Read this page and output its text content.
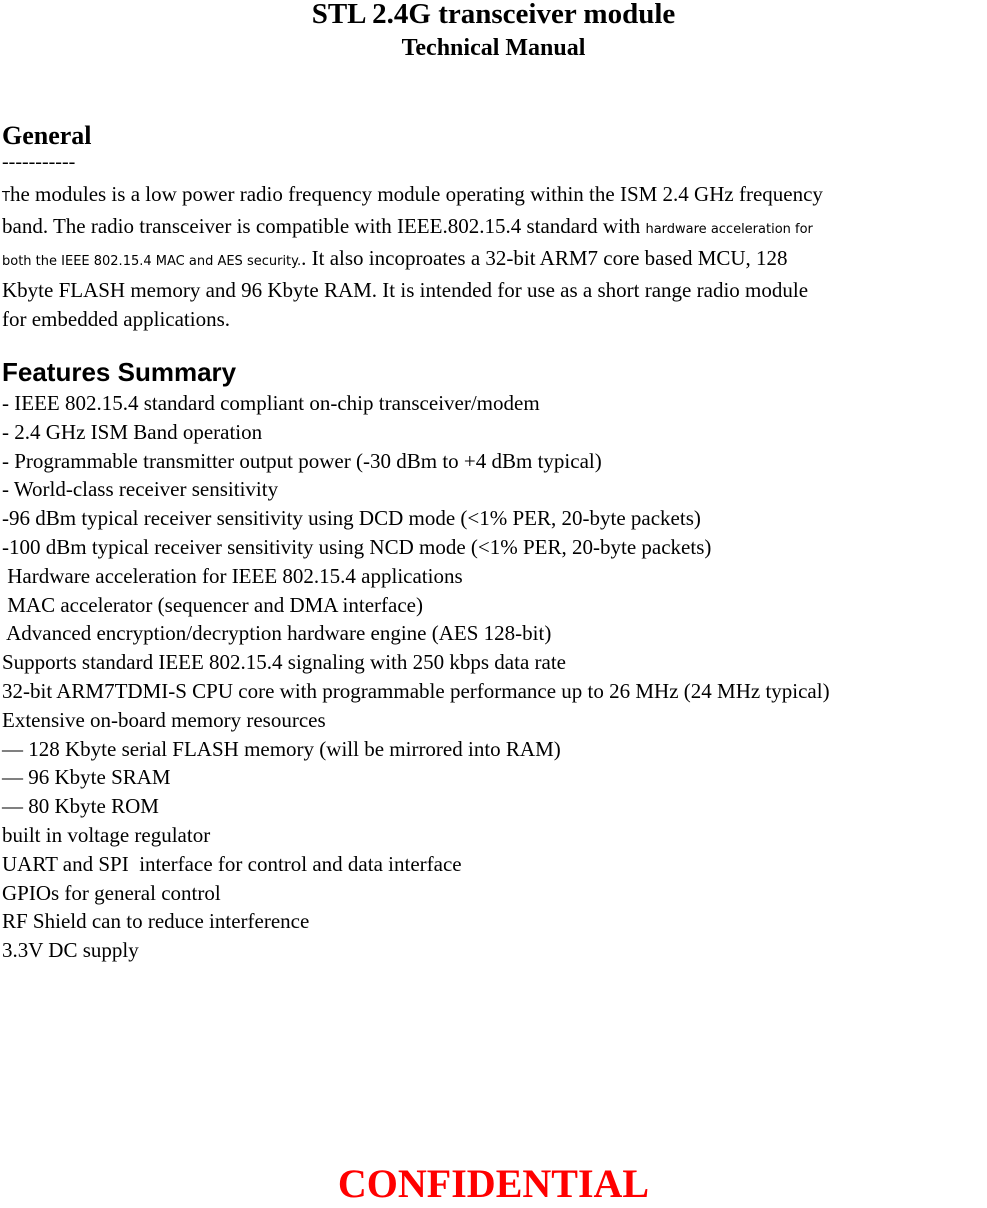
STL 2.4G transceiver module
Technical Manual
General
-----------
The modules is a low power radio frequency module operating within the ISM 2.4 GHz frequency
band. The radio transceiver is compatible with IEEE.802.15.4 standard with hardware acceleration for
both the IEEE 802.15.4 MAC and AES security.. It also incoproates a 32-bit ARM7 core based MCU, 128
Kbyte FLASH memory and 96 Kbyte RAM. It is intended for use as a short range radio module
for embedded applications.
Features Summary
- IEEE 802.15.4 standard compliant on-chip transceiver/modem
- 2.4 GHz ISM Band operation
- Programmable transmitter output power (-30 dBm to +4 dBm typical)
- World-class receiver sensitivity
-96 dBm typical receiver sensitivity using DCD mode (<1% PER, 20-byte packets)
-100 dBm typical receiver sensitivity using NCD mode (<1% PER, 20-byte packets)
Hardware acceleration for IEEE 802.15.4 applications
MAC accelerator (sequencer and DMA interface)
Advanced encryption/decryption hardware engine (AES 128-bit)
Supports standard IEEE 802.15.4 signaling with 250 kbps data rate
32-bit ARM7TDMI-S CPU core with programmable performance up to 26 MHz (24 MHz typical)
Extensive on-board memory resources
— 128 Kbyte serial FLASH memory (will be mirrored into RAM)
— 96 Kbyte SRAM
— 80 Kbyte ROM
built in voltage regulator
UART and SPI  interface for control and data interface
GPIOs for general control
RF Shield can to reduce interference
3.3V DC supply
CONFIDENTIAL
